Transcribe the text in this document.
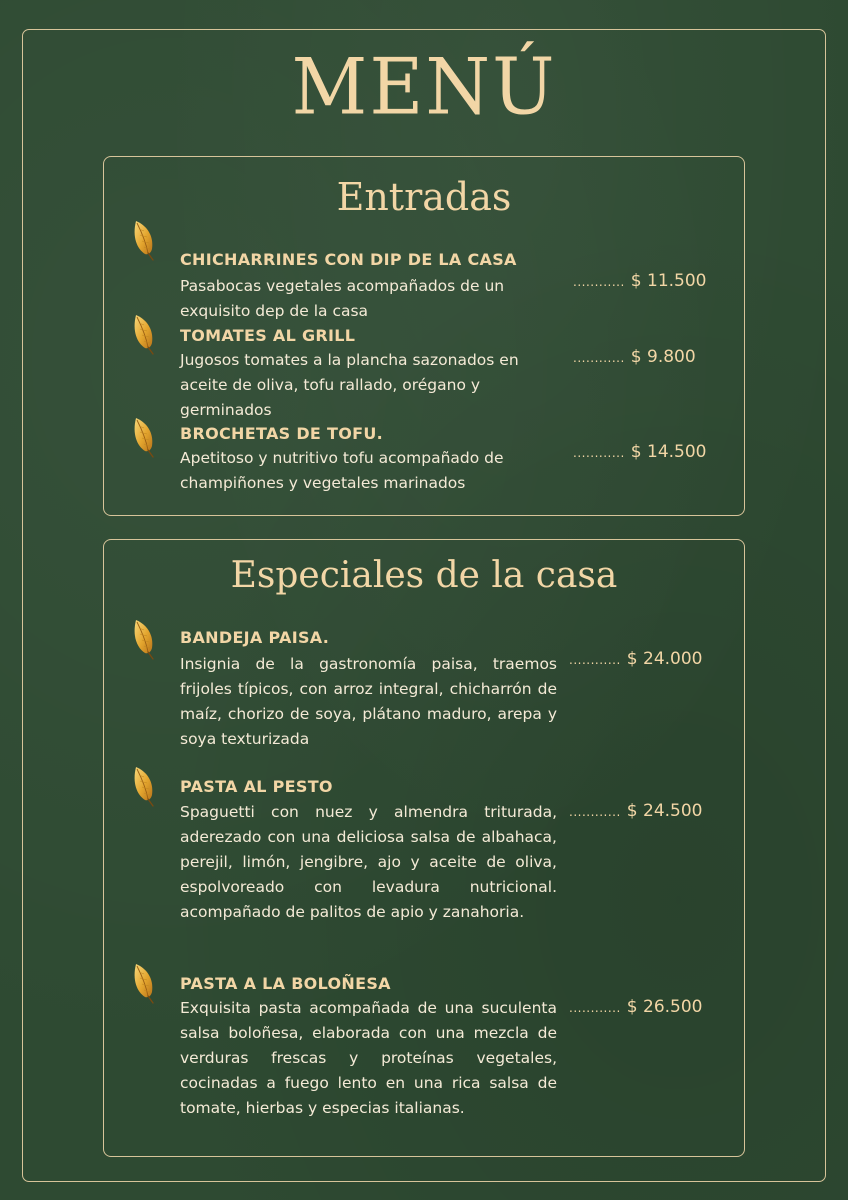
MENÚ
Entradas
CHICHARRINES CON DIP DE LA CASA

Pasabocas vegetales acompañados de un exquisito dep de la casa

............ $ 11.500
TOMATES AL GRILL

Jugosos tomates a la plancha sazonados en aceite de oliva, tofu rallado, orégano y germinados

............ $ 9.800
BROCHETAS DE TOFU.

Apetitoso y nutritivo tofu acompañado de champiñones y vegetales marinados

............ $ 14.500
Especiales de la casa
BANDEJA PAISA.

Insignia de la gastronomía paisa, traemos frijoles típicos, con arroz integral, chicharrón de maíz, chorizo de soya, plátano maduro, arepa y soya texturizada

............ $ 24.000
PASTA AL PESTO

Spaguetti con nuez y almendra triturada, aderezado con una deliciosa salsa de albahaca, perejil, limón, jengibre, ajo y aceite de oliva, espolvoreado con levadura nutricional. acompañado de palitos de apio y zanahoria.

............ $ 24.500
PASTA A LA BOLOÑESA

Exquisita pasta acompañada de una suculenta salsa boloñesa, elaborada con una mezcla de verduras frescas y proteínas vegetales, cocinadas a fuego lento en una rica salsa de tomate, hierbas y especias italianas.

............ $ 26.500
